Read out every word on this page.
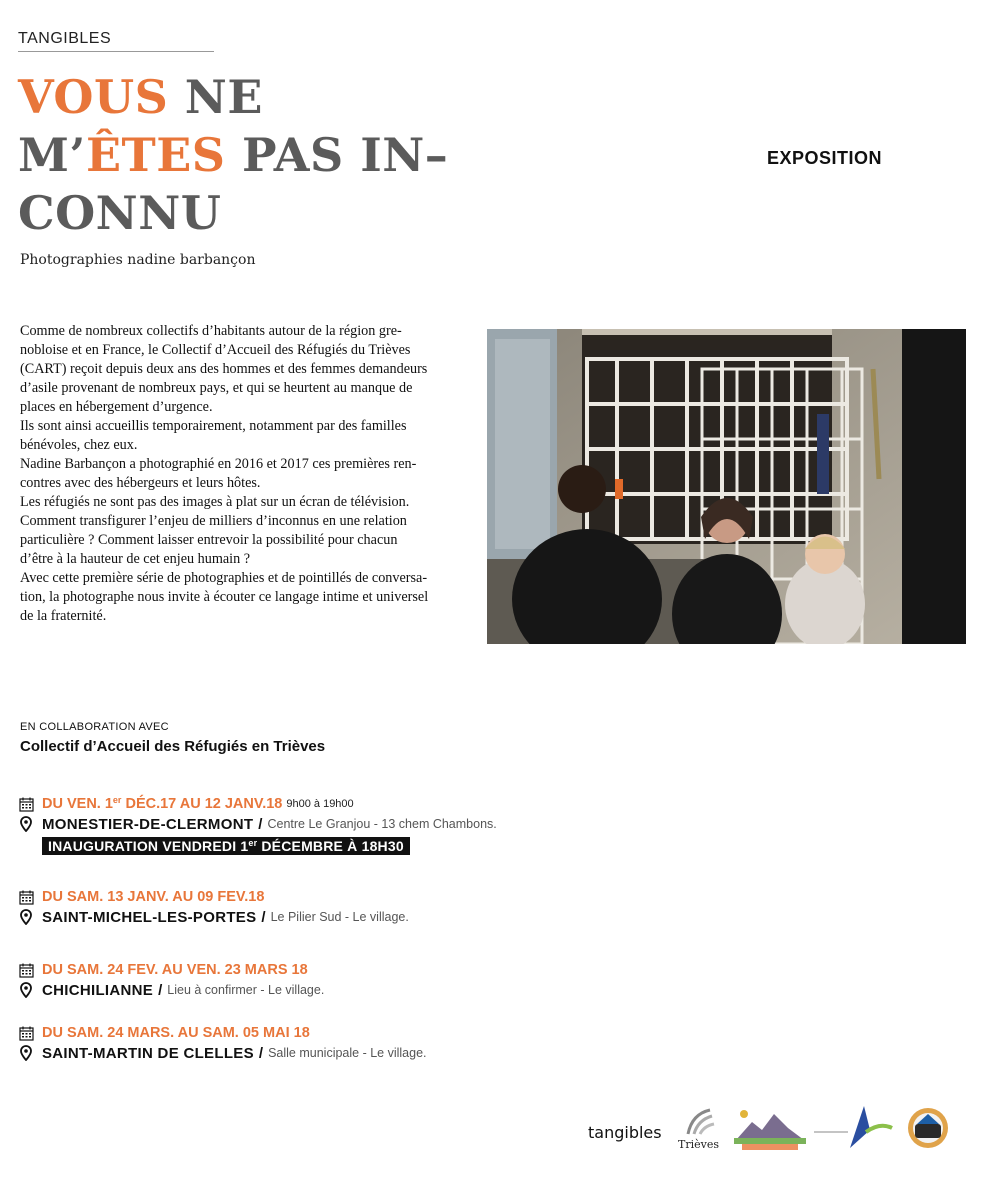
TANGIBLES
VOUS NE
M’ÊTES PAS IN–
CONNU
Photographies nadine barbançon
EXPOSITION

Comme de nombreux collectifs d’habitants autour de la région gre-

nobloise et en France, le Collectif d’Accueil des Réfugiés du Trièves

(CART) reçoit depuis deux ans des hommes et des femmes demandeurs

d’asile provenant de nombreux pays, et qui se heurtent au manque de

places en hébergement d’urgence.

Ils sont ainsi accueillis temporairement, notamment par des familles

bénévoles, chez eux.

Nadine Barbançon a photographié en 2016 et 2017 ces premières ren-

contres avec des hébergeurs et leurs hôtes.

Les réfugiés ne sont pas des images à plat sur un écran de télévision.

Comment transfigurer l’enjeu de milliers d’inconnus en une relation

particulière ? Comment laisser entrevoir la possibilité pour chacun

d’être à la hauteur de cet enjeu humain ?

Avec cette première série de photographies et de pointillés de conversa-

tion, la photographe nous invite à écouter ce langage intime et universel

de la fraternité.

EN COLLABORATION AVEC
Collectif d’Accueil des Réfugiés en Trièves
DU VEN. 1er DÉC.17 AU 12 JANV.18 9h00 à 19h00
MONESTIER-DE-CLERMONT / Centre Le Granjou - 13 chem Chambons.
INAUGURATION VENDREDI 1er DÉCEMBRE À 18H30
DU SAM. 13 JANV. AU 09 FEV.18
SAINT-MICHEL-LES-PORTES / Le Pilier Sud - Le village.
DU SAM. 24 FEV. AU VEN. 23 MARS 18
CHICHILIANNE / Lieu à confirmer - Le village.
DU SAM. 24 MARS. AU SAM. 05 MAI 18
SAINT-MARTIN DE CLELLES / Salle municipale - Le village.
tangibles
Trièves
